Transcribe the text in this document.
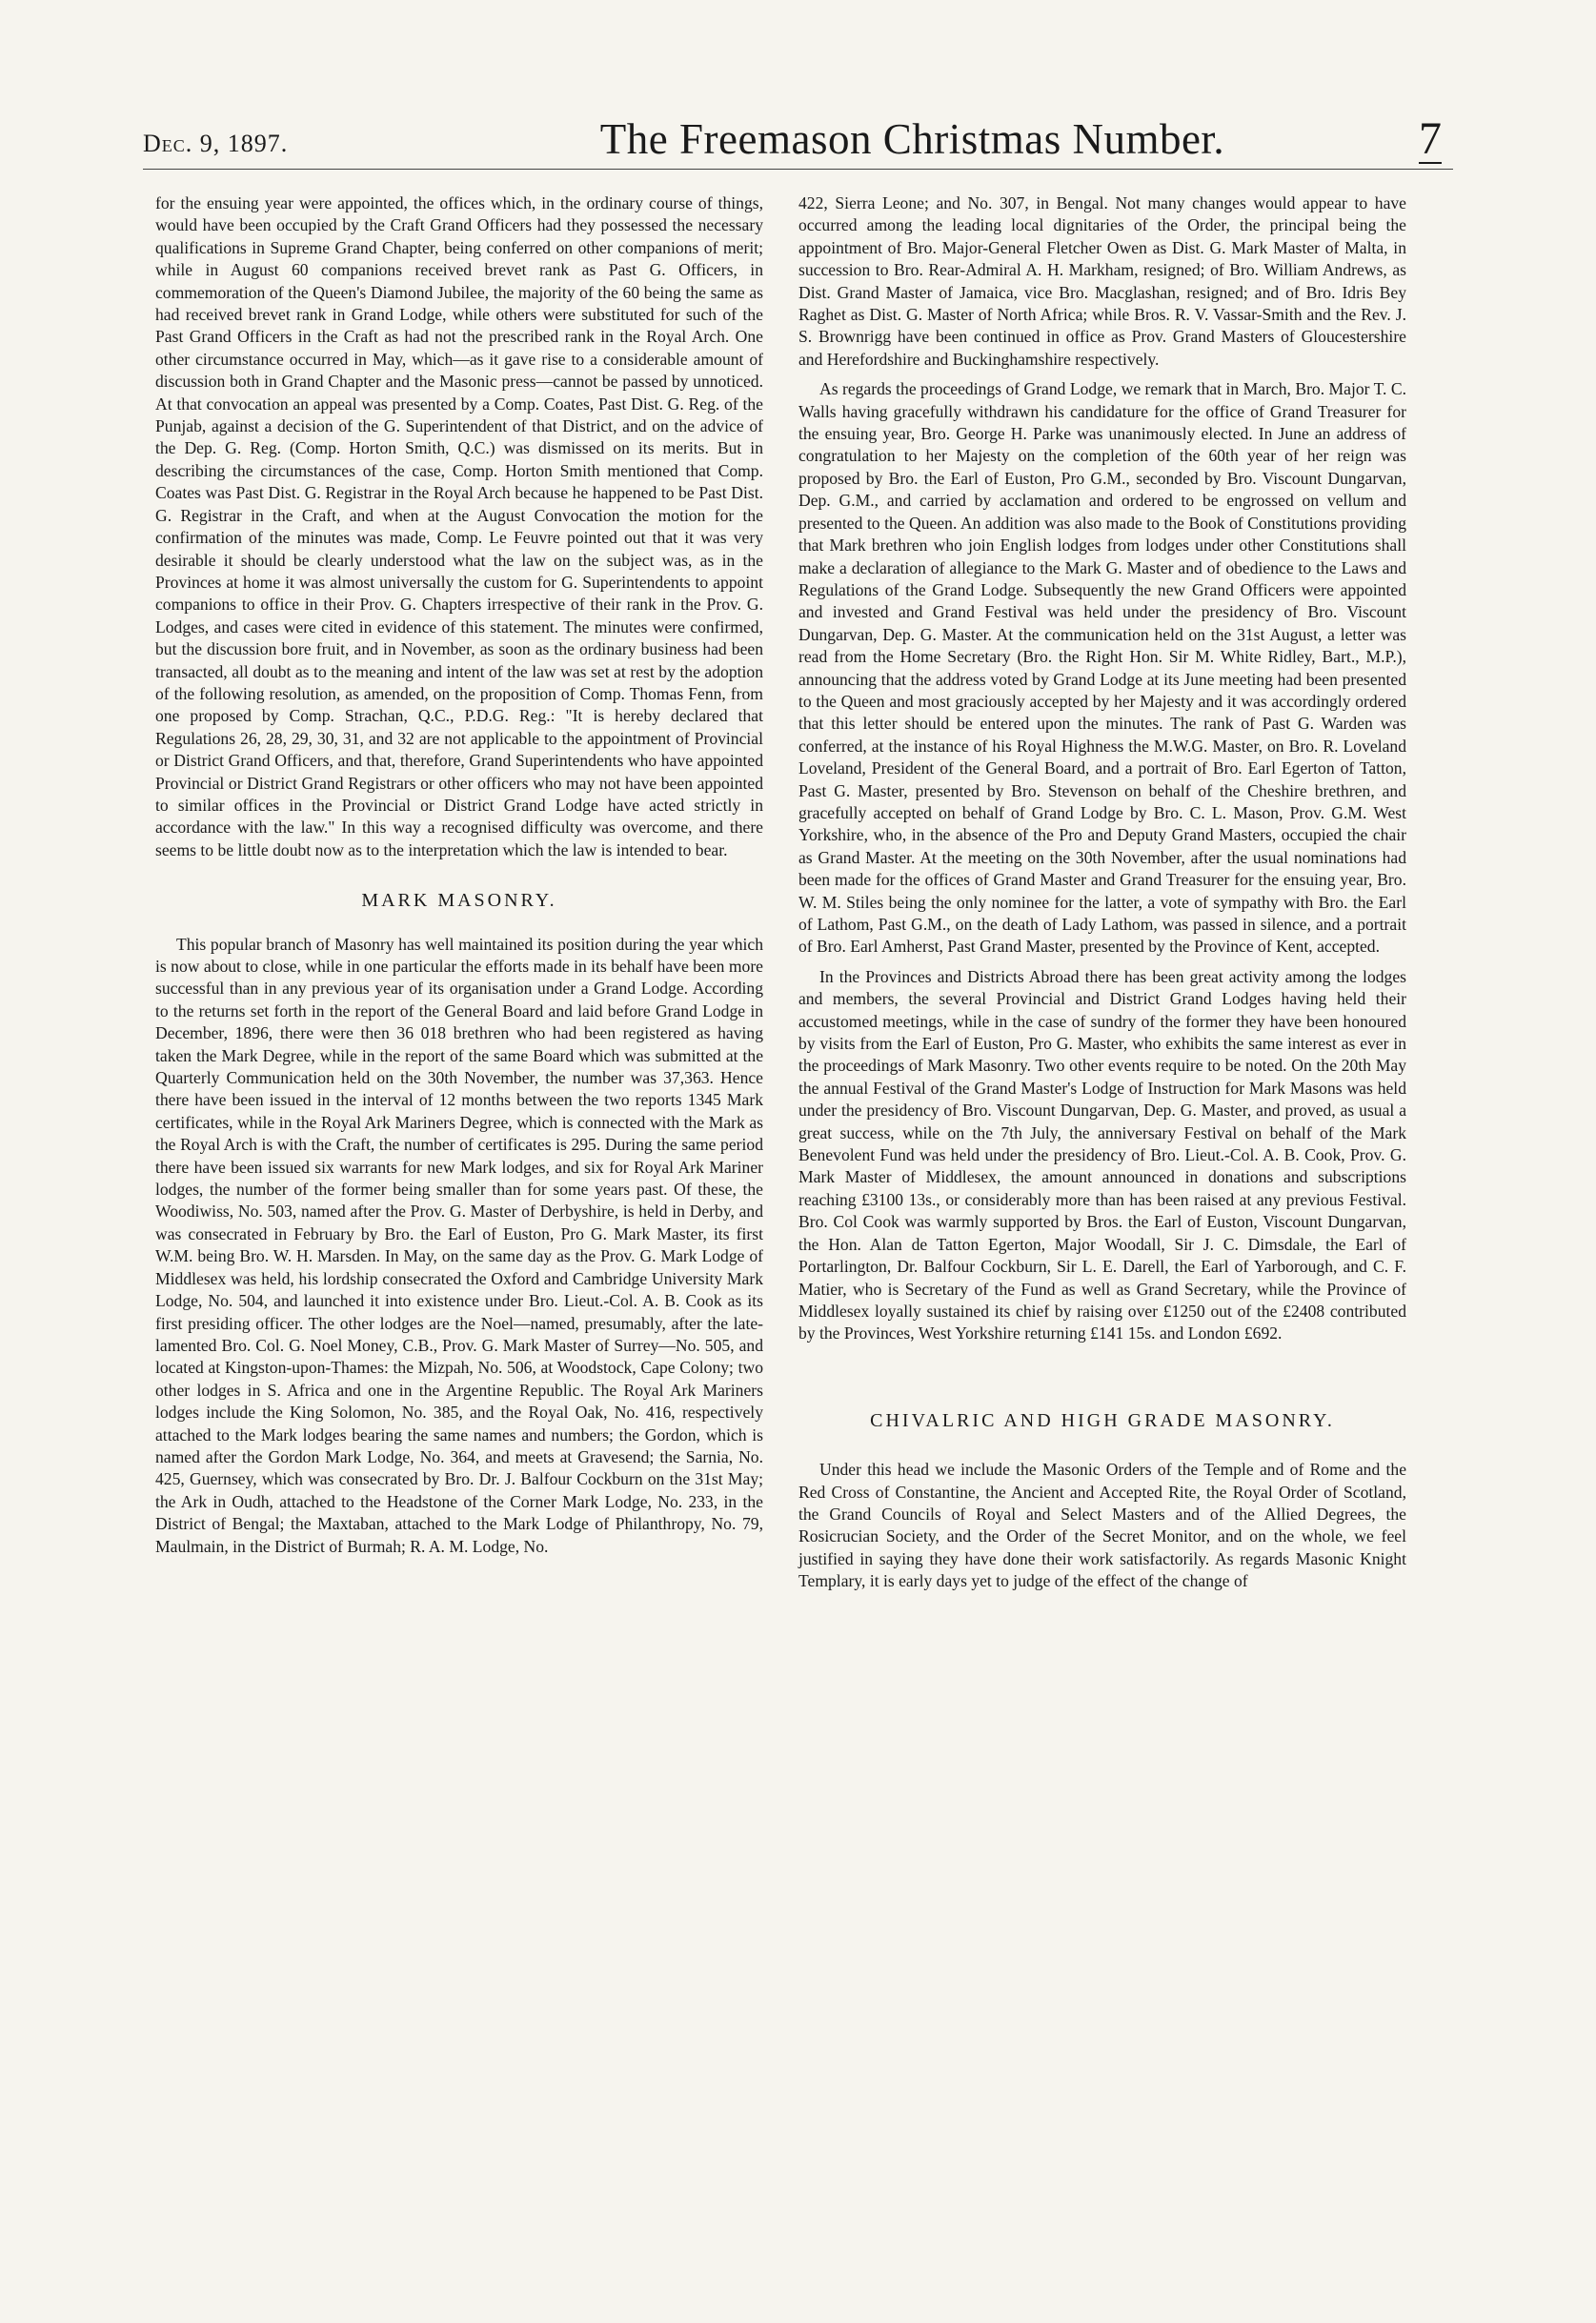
Dec. 9, 1897.	The Freemason Christmas Number.	7

for the ensuing year were appointed, the offices which, in the ordinary course of things, would have been occupied by the Craft Grand Officers had they possessed the necessary qualifications in Supreme Grand Chapter, being conferred on other companions of merit; while in August 60 companions received brevet rank as Past G. Officers, in commemoration of the Queen's Diamond Jubilee, the majority of the 60 being the same as had received brevet rank in Grand Lodge, while others were substituted for such of the Past Grand Officers in the Craft as had not the prescribed rank in the Royal Arch. One other circumstance occurred in May, which—as it gave rise to a considerable amount of discussion both in Grand Chapter and the Masonic press—cannot be passed by unnoticed. At that convocation an appeal was presented by a Comp. Coates, Past Dist. G. Reg. of the Punjab, against a decision of the G. Superintendent of that District, and on the advice of the Dep. G. Reg. (Comp. Horton Smith, Q.C.) was dismissed on its merits. But in describing the circumstances of the case, Comp. Horton Smith mentioned that Comp. Coates was Past Dist. G. Registrar in the Royal Arch because he happened to be Past Dist. G. Registrar in the Craft, and when at the August Convocation the motion for the confirmation of the minutes was made, Comp. Le Feuvre pointed out that it was very desirable it should be clearly understood what the law on the subject was, as in the Provinces at home it was almost universally the custom for G. Superintendents to appoint companions to office in their Prov. G. Chapters irrespective of their rank in the Prov. G. Lodges, and cases were cited in evidence of this statement. The minutes were confirmed, but the discussion bore fruit, and in November, as soon as the ordinary business had been transacted, all doubt as to the meaning and intent of the law was set at rest by the adoption of the following resolution, as amended, on the proposition of Comp. Thomas Fenn, from one proposed by Comp. Strachan, Q.C., P.D.G. Reg.: "It is hereby declared that Regulations 26, 28, 29, 30, 31, and 32 are not applicable to the appointment of Provincial or District Grand Officers, and that, therefore, Grand Superintendents who have appointed Provincial or District Grand Registrars or other officers who may not have been appointed to similar offices in the Provincial or District Grand Lodge have acted strictly in accordance with the law." In this way a recognised difficulty was overcome, and there seems to be little doubt now as to the interpretation which the law is intended to bear.

MARK MASONRY.

This popular branch of Masonry has well maintained its position during the year which is now about to close, while in one particular the efforts made in its behalf have been more successful than in any previous year of its organisation under a Grand Lodge. According to the returns set forth in the report of the General Board and laid before Grand Lodge in December, 1896, there were then 36 018 brethren who had been registered as having taken the Mark Degree, while in the report of the same Board which was submitted at the Quarterly Communication held on the 30th November, the number was 37,363. Hence there have been issued in the interval of 12 months between the two reports 1345 Mark certificates, while in the Royal Ark Mariners Degree, which is connected with the Mark as the Royal Arch is with the Craft, the number of certificates is 295. During the same period there have been issued six warrants for new Mark lodges, and six for Royal Ark Mariner lodges, the number of the former being smaller than for some years past. Of these, the Woodiwiss, No. 503, named after the Prov. G. Master of Derbyshire, is held in Derby, and was consecrated in February by Bro. the Earl of Euston, Pro G. Mark Master, its first W.M. being Bro. W. H. Marsden. In May, on the same day as the Prov. G. Mark Lodge of Middlesex was held, his lordship consecrated the Oxford and Cambridge University Mark Lodge, No. 504, and launched it into existence under Bro. Lieut.-Col. A. B. Cook as its first presiding officer. The other lodges are the Noel—named, presumably, after the late-lamented Bro. Col. G. Noel Money, C.B., Prov. G. Mark Master of Surrey—No. 505, and located at Kingston-upon-Thames: the Mizpah, No. 506, at Woodstock, Cape Colony; two other lodges in S. Africa and one in the Argentine Republic. The Royal Ark Mariners lodges include the King Solomon, No. 385, and the Royal Oak, No. 416, respectively attached to the Mark lodges bearing the same names and numbers; the Gordon, which is named after the Gordon Mark Lodge, No. 364, and meets at Gravesend; the Sarnia, No. 425, Guernsey, which was consecrated by Bro. Dr. J. Balfour Cockburn on the 31st May; the Ark in Oudh, attached to the Headstone of the Corner Mark Lodge, No. 233, in the District of Bengal; the Maxtaban, attached to the Mark Lodge of Philanthropy, No. 79, Maulmain, in the District of Burmah; R. A. M. Lodge, No.

422, Sierra Leone; and No. 307, in Bengal. Not many changes would appear to have occurred among the leading local dignitaries of the Order, the principal being the appointment of Bro. Major-General Fletcher Owen as Dist. G. Mark Master of Malta, in succession to Bro. Rear-Admiral A. H. Markham, resigned; of Bro. William Andrews, as Dist. Grand Master of Jamaica, vice Bro. Macglashan, resigned; and of Bro. Idris Bey Raghet as Dist. G. Master of North Africa; while Bros. R. V. Vassar-Smith and the Rev. J. S. Brownrigg have been continued in office as Prov. Grand Masters of Gloucestershire and Herefordshire and Buckinghamshire respectively.

As regards the proceedings of Grand Lodge, we remark that in March, Bro. Major T. C. Walls having gracefully withdrawn his candidature for the office of Grand Treasurer for the ensuing year, Bro. George H. Parke was unanimously elected. In June an address of congratulation to her Majesty on the completion of the 60th year of her reign was proposed by Bro. the Earl of Euston, Pro G.M., seconded by Bro. Viscount Dungarvan, Dep. G.M., and carried by acclamation and ordered to be engrossed on vellum and presented to the Queen. An addition was also made to the Book of Constitutions providing that Mark brethren who join English lodges from lodges under other Constitutions shall make a declaration of allegiance to the Mark G. Master and of obedience to the Laws and Regulations of the Grand Lodge. Subsequently the new Grand Officers were appointed and invested and Grand Festival was held under the presidency of Bro. Viscount Dungarvan, Dep. G. Master. At the communication held on the 31st August, a letter was read from the Home Secretary (Bro. the Right Hon. Sir M. White Ridley, Bart., M.P.), announcing that the address voted by Grand Lodge at its June meeting had been presented to the Queen and most graciously accepted by her Majesty and it was accordingly ordered that this letter should be entered upon the minutes. The rank of Past G. Warden was conferred, at the instance of his Royal Highness the M.W.G. Master, on Bro. R. Loveland Loveland, President of the General Board, and a portrait of Bro. Earl Egerton of Tatton, Past G. Master, presented by Bro. Stevenson on behalf of the Cheshire brethren, and gracefully accepted on behalf of Grand Lodge by Bro. C. L. Mason, Prov. G.M. West Yorkshire, who, in the absence of the Pro and Deputy Grand Masters, occupied the chair as Grand Master. At the meeting on the 30th November, after the usual nominations had been made for the offices of Grand Master and Grand Treasurer for the ensuing year, Bro. W. M. Stiles being the only nominee for the latter, a vote of sympathy with Bro. the Earl of Lathom, Past G.M., on the death of Lady Lathom, was passed in silence, and a portrait of Bro. Earl Amherst, Past Grand Master, presented by the Province of Kent, accepted.

In the Provinces and Districts Abroad there has been great activity among the lodges and members, the several Provincial and District Grand Lodges having held their accustomed meetings, while in the case of sundry of the former they have been honoured by visits from the Earl of Euston, Pro G. Master, who exhibits the same interest as ever in the proceedings of Mark Masonry. Two other events require to be noted. On the 20th May the annual Festival of the Grand Master's Lodge of Instruction for Mark Masons was held under the presidency of Bro. Viscount Dungarvan, Dep. G. Master, and proved, as usual a great success, while on the 7th July, the anniversary Festival on behalf of the Mark Benevolent Fund was held under the presidency of Bro. Lieut.-Col. A. B. Cook, Prov. G. Mark Master of Middlesex, the amount announced in donations and subscriptions reaching £3100 13s., or considerably more than has been raised at any previous Festival. Bro. Col Cook was warmly supported by Bros. the Earl of Euston, Viscount Dungarvan, the Hon. Alan de Tatton Egerton, Major Woodall, Sir J. C. Dimsdale, the Earl of Portarlington, Dr. Balfour Cockburn, Sir L. E. Darell, the Earl of Yarborough, and C. F. Matier, who is Secretary of the Fund as well as Grand Secretary, while the Province of Middlesex loyally sustained its chief by raising over £1250 out of the £2408 contributed by the Provinces, West Yorkshire returning £141 15s. and London £692.

CHIVALRIC AND HIGH GRADE MASONRY.

Under this head we include the Masonic Orders of the Temple and of Rome and the Red Cross of Constantine, the Ancient and Accepted Rite, the Royal Order of Scotland, the Grand Councils of Royal and Select Masters and of the Allied Degrees, the Rosicrucian Society, and the Order of the Secret Monitor, and on the whole, we feel justified in saying they have done their work satisfactorily. As regards Masonic Knight Templary, it is early days yet to judge of the effect of the change of
